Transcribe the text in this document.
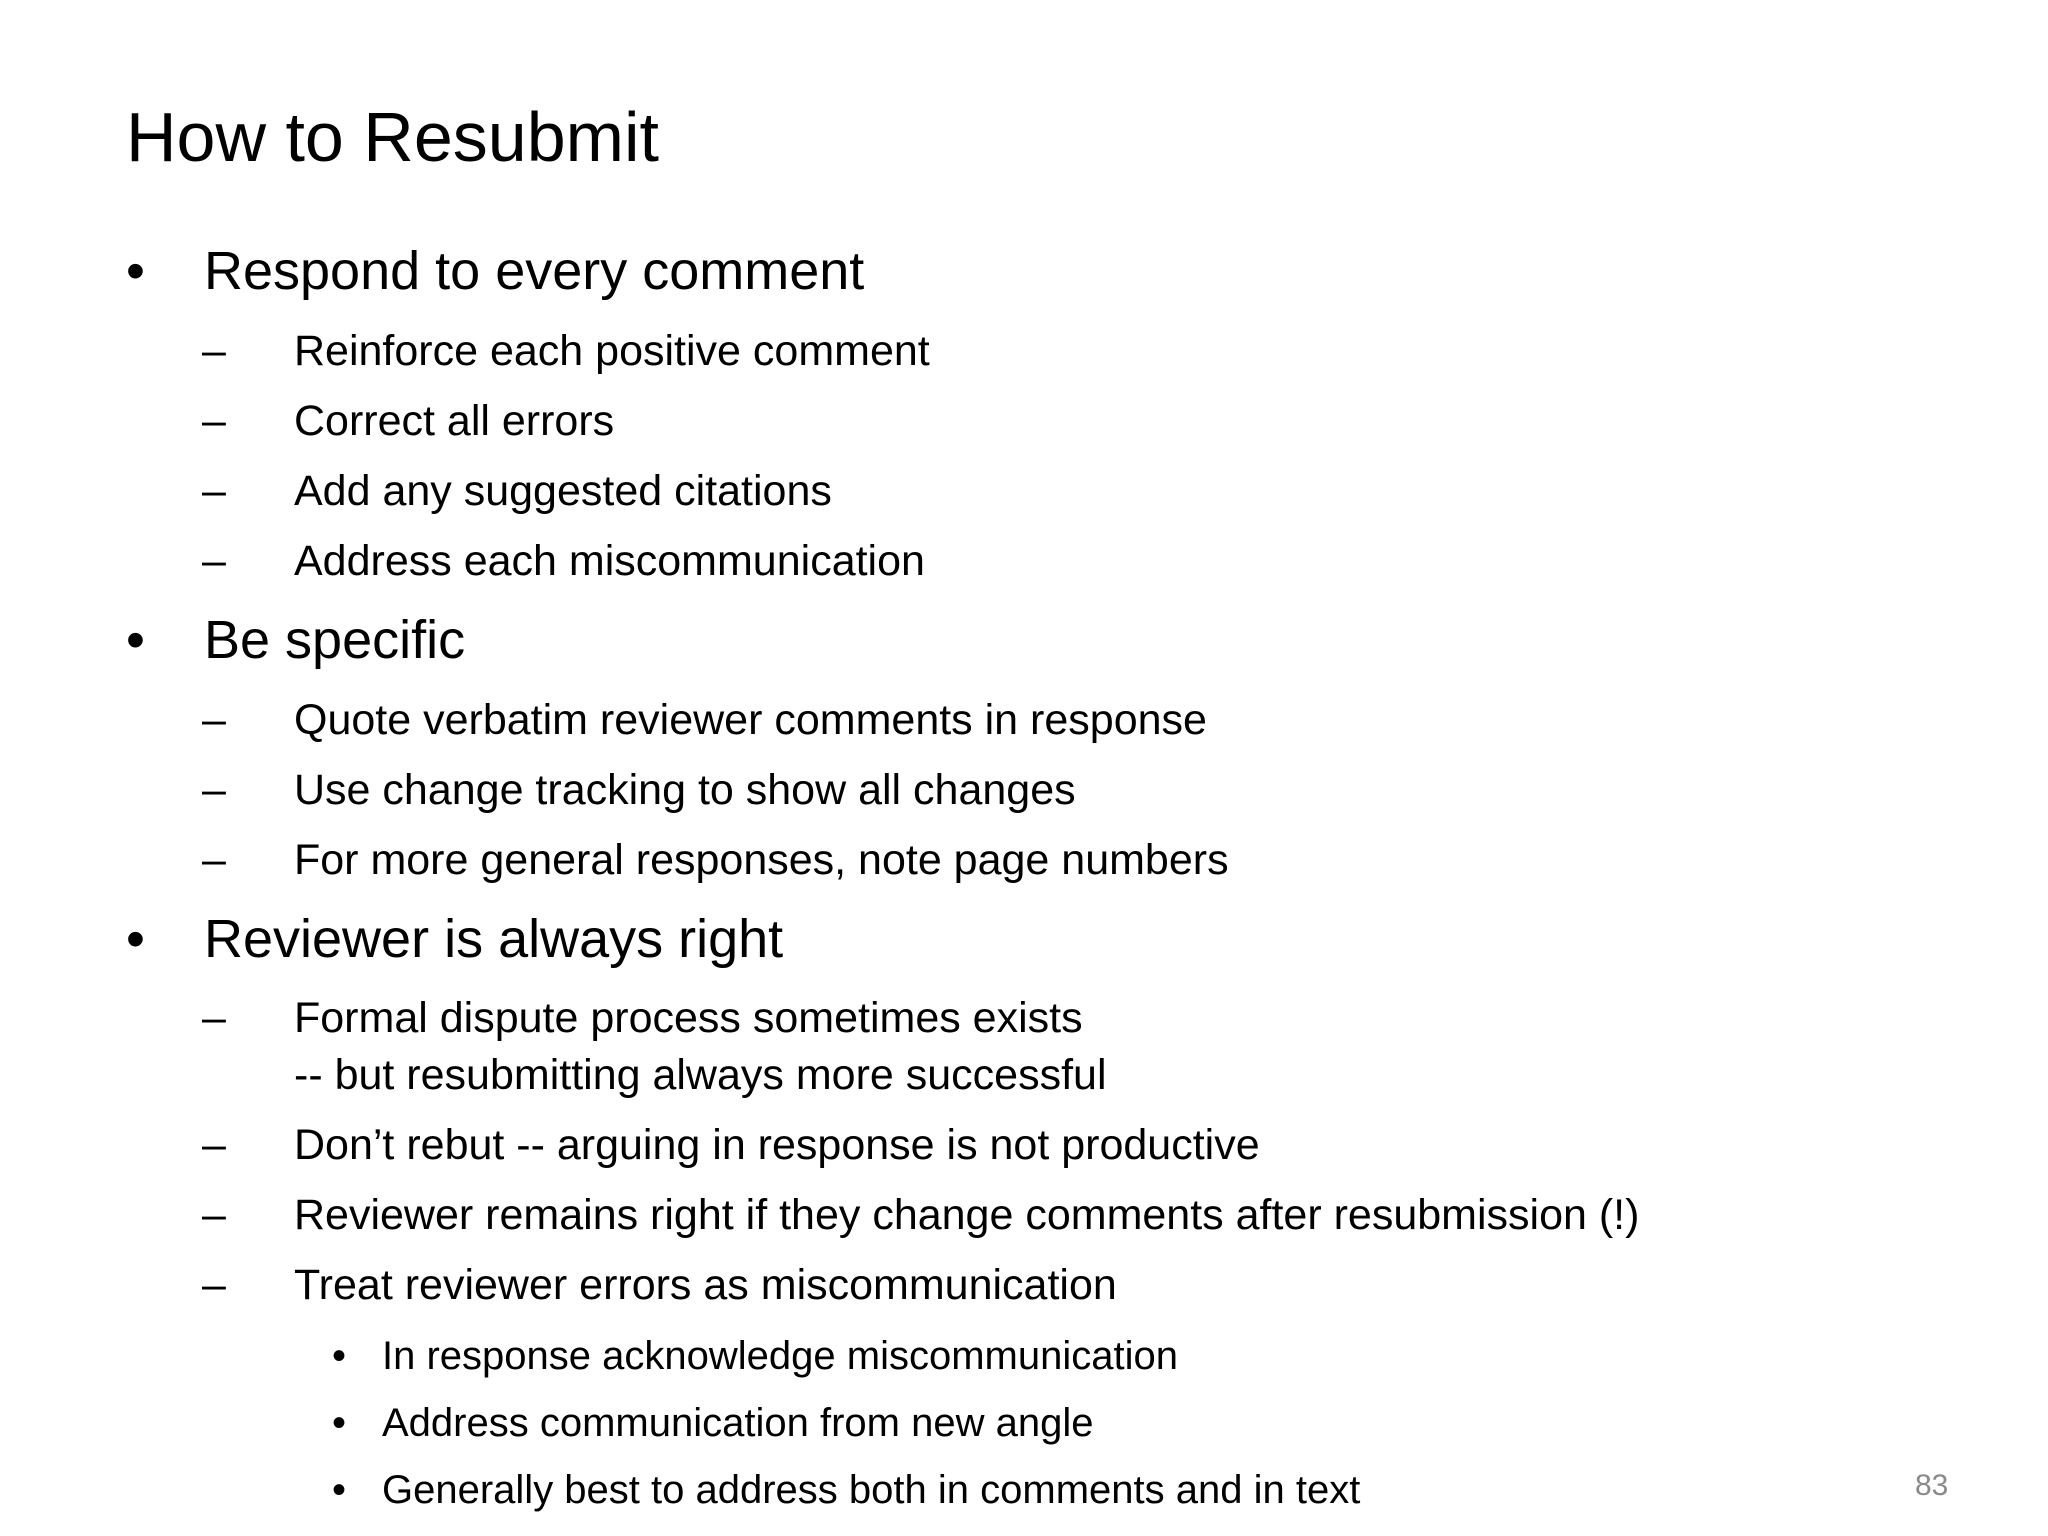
How to Resubmit
•	Respond to every comment
–	Reinforce each positive comment
–	Correct all errors
–	Add any suggested citations
–	Address each miscommunication
•	Be specific
–	Quote verbatim reviewer comments in response
–	Use change tracking to show all changes
–	For more general responses, note page numbers
•	Reviewer is always right
–	Formal dispute process sometimes exists
-- but resubmitting always more successful
–	Don’t rebut -- arguing in response is not productive
–	Reviewer remains right if they change comments after resubmission (!)
–	Treat reviewer errors as miscommunication
• In response acknowledge miscommunication
• Address communication from new angle
• Generally best to address both in comments and in text	83
